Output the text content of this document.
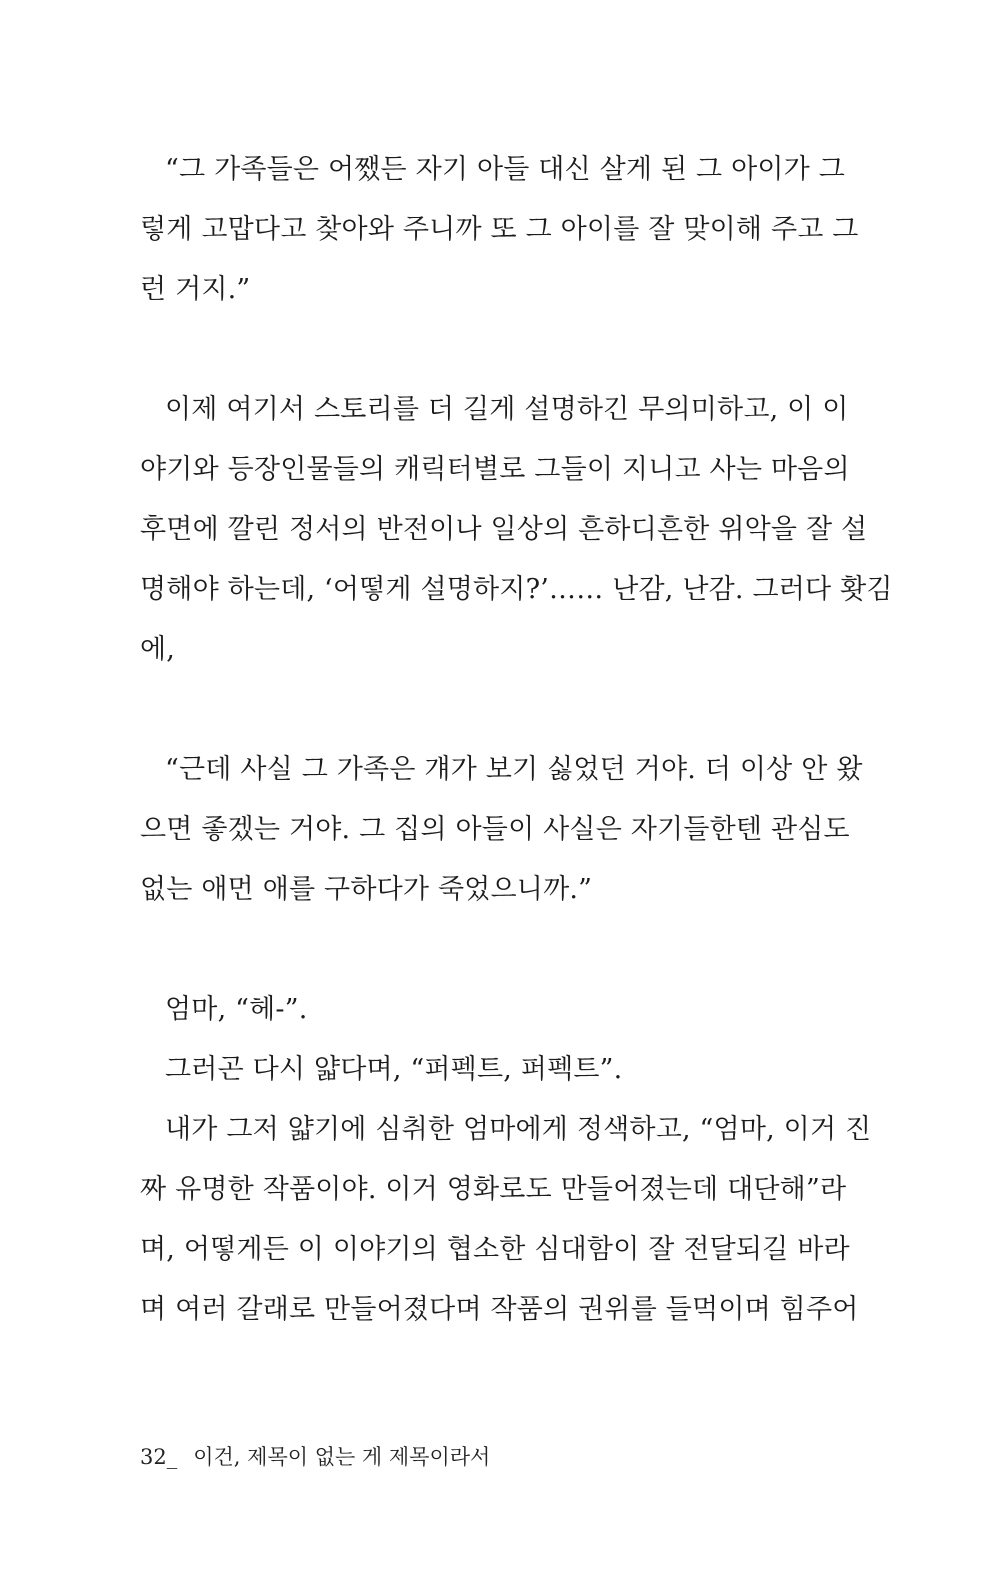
“그 가족들은 어쨌든 자기 아들 대신 살게 된 그 아이가 그
렇게 고맙다고 찾아와 주니까 또 그 아이를 잘 맞이해 주고 그
런 거지.”
이제 여기서 스토리를 더 길게 설명하긴 무의미하고, 이 이
야기와 등장인물들의 캐릭터별로 그들이 지니고 사는 마음의
후면에 깔린 정서의 반전이나 일상의 흔하디흔한 위악을 잘 설
명해야 하는데, ‘어떻게 설명하지?’…… 난감, 난감. 그러다 홧김
에,
“근데 사실 그 가족은 걔가 보기 싫었던 거야. 더 이상 안 왔
으면 좋겠는 거야. 그 집의 아들이 사실은 자기들한텐 관심도
없는 애먼 애를 구하다가 죽었으니까.”
엄마, “헤-”.
그러곤 다시 얇다며, “퍼펙트, 퍼펙트”.
내가 그저 얇기에 심취한 엄마에게 정색하고, “엄마, 이거 진
짜 유명한 작품이야. 이거 영화로도 만들어졌는데 대단해”라
며, 어떻게든 이 이야기의 협소한 심대함이 잘 전달되길 바라
며 여러 갈래로 만들어졌다며 작품의 권위를 들먹이며 힘주어
32_ 이건, 제목이 없는 게 제목이라서
